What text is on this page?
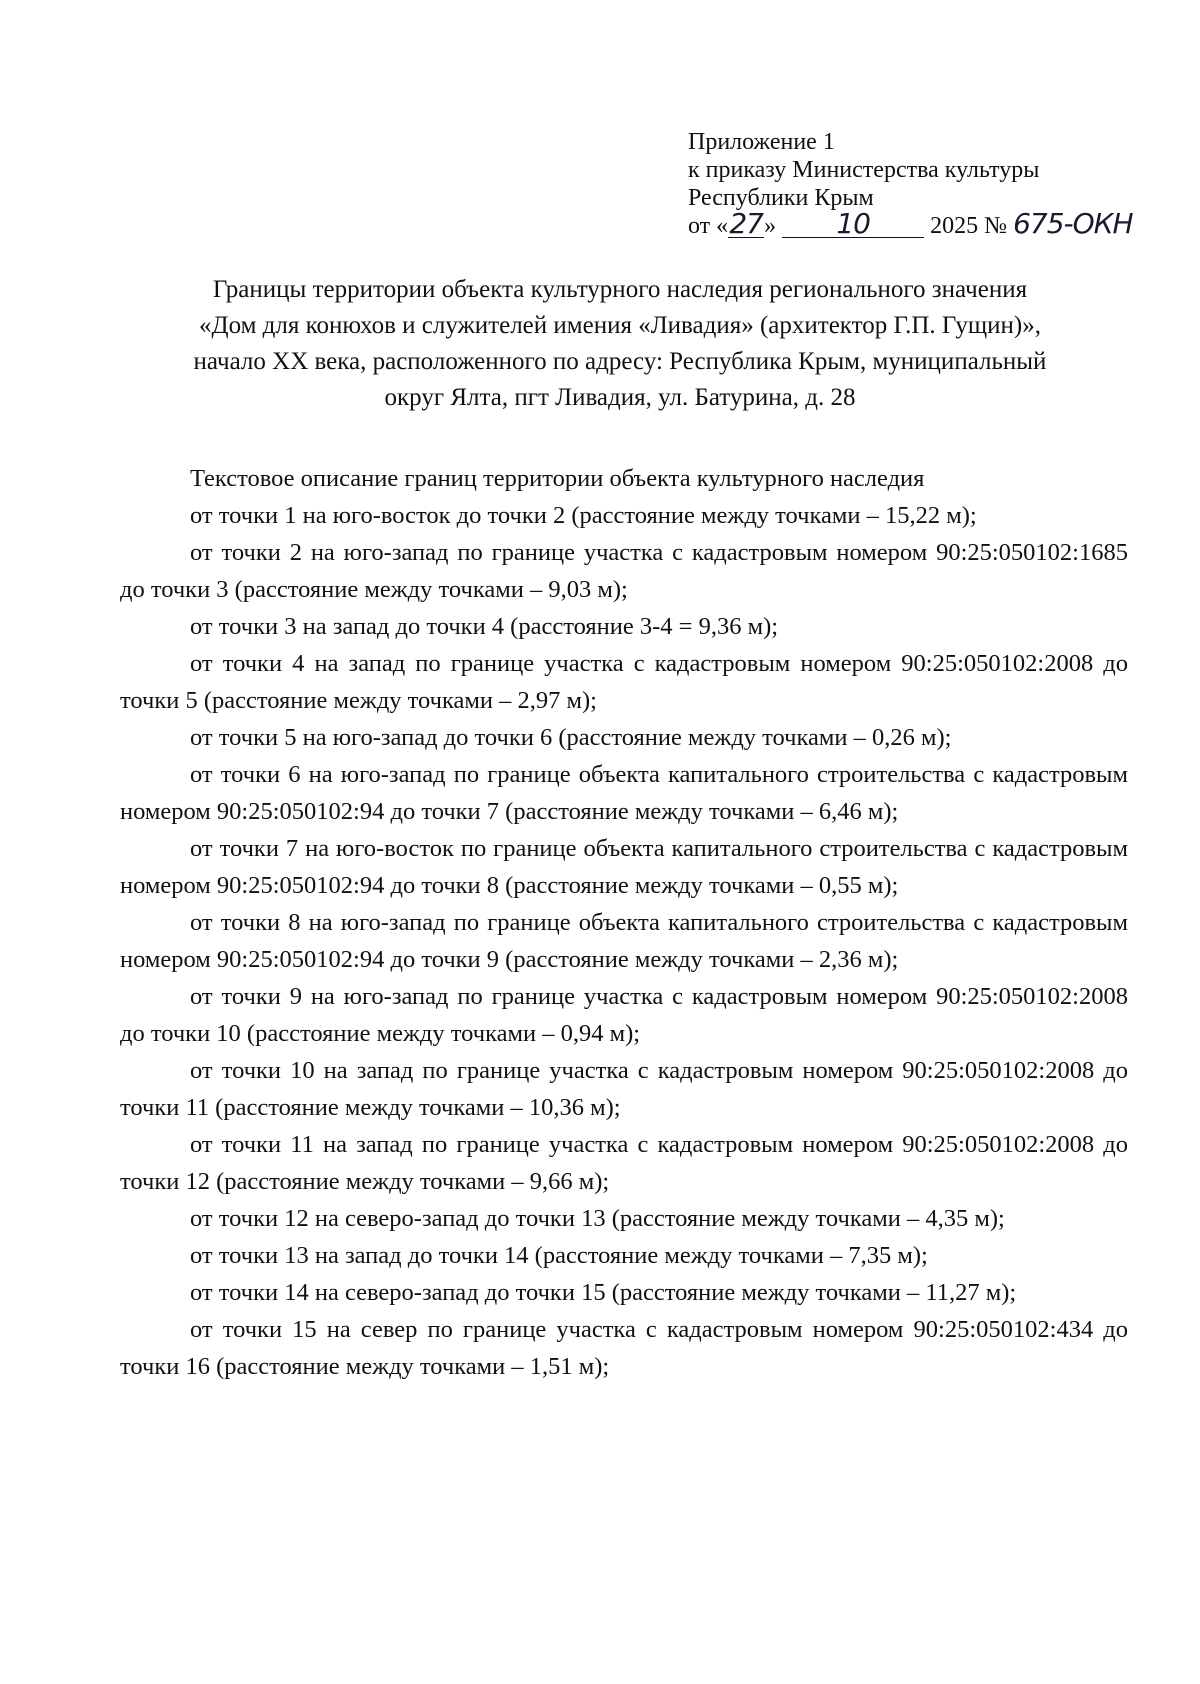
Приложение 1
к приказу Министерства культуры
Республики Крым
от «27» 10	2025 № 675-ОКН
Границы территории объекта культурного наследия регионального значения
«Дом для конюхов и служителей имения «Ливадия» (архитектор Г.П. Гущин)»,
начало XX века, расположенного по адресу: Республика Крым, муниципальный
округ Ялта, пгт Ливадия, ул. Батурина, д. 28
Текстовое описание границ территории объекта культурного наследия

от точки 1 на юго-восток до точки 2 (расстояние между точками – 15,22 м);

от точки 2 на юго-запад по границе участка с кадастровым номером 90:25:050102:1685 до точки 3 (расстояние между точками – 9,03 м);

от точки 3 на запад до точки 4 (расстояние 3-4 = 9,36 м);

от точки 4 на запад по границе участка с кадастровым номером 90:25:050102:2008 до точки 5 (расстояние между точками – 2,97 м);

от точки 5 на юго-запад до точки 6 (расстояние между точками – 0,26 м);

от точки 6 на юго-запад по границе объекта капитального строительства с кадастровым номером 90:25:050102:94 до точки 7 (расстояние между точками – 6,46 м);

от точки 7 на юго-восток по границе объекта капитального строительства с кадастровым номером 90:25:050102:94 до точки 8 (расстояние между точками – 0,55 м);

от точки 8 на юго-запад по границе объекта капитального строительства с кадастровым номером 90:25:050102:94 до точки 9 (расстояние между точками – 2,36 м);

от точки 9 на юго-запад по границе участка с кадастровым номером 90:25:050102:2008 до точки 10 (расстояние между точками – 0,94 м);

от точки 10 на запад по границе участка с кадастровым номером 90:25:050102:2008 до точки 11 (расстояние между точками – 10,36 м);

от точки 11 на запад по границе участка с кадастровым номером 90:25:050102:2008 до точки 12 (расстояние между точками – 9,66 м);

от точки 12 на северо-запад до точки 13 (расстояние между точками – 4,35 м);

от точки 13 на запад до точки 14 (расстояние между точками – 7,35 м);

от точки 14 на северо-запад до точки 15 (расстояние между точками – 11,27 м);

от точки 15 на север по границе участка с кадастровым номером 90:25:050102:434 до точки 16 (расстояние между точками – 1,51 м);
